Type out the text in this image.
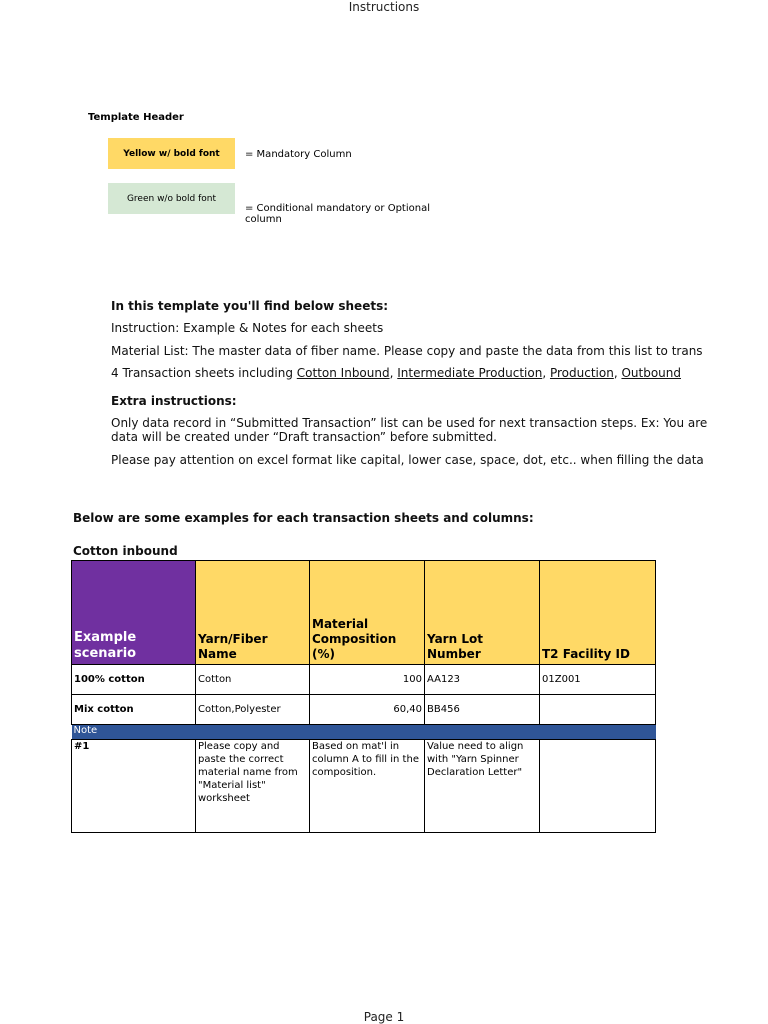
Instructions
Template Header
Yellow w/ bold font	= Mandatory Column
Green w/o bold font
= Conditional mandatory or Optional column
In this template you'll find below sheets:
Instruction: Example & Notes for each sheets
Material List: The master data of fiber name. Please copy and paste the data from this list to trans
4 Transaction sheets including Cotton Inbound, Intermediate Production, Production, Outbound
Extra instructions:
Only data record in “Submitted Transaction” list can be used for next transaction steps. Ex: You are
data will be created under “Draft transaction” before submitted.
Please pay attention on excel format like capital, lower case, space, dot, etc.. when filling the data
Below are some examples for each transaction sheets and columns:
Cotton inbound
Example scenario	Yarn/Fiber Name	Material Composition (%)	Yarn Lot Number	T2 Facility ID
100% cotton	Cotton	100	AA123	01Z001
Mix cotton	Cotton,Polyester	60,40	BB456	
Note				
#1	Please copy and paste the correct material name from "Material list" worksheet	Based on mat'l in column A to fill in the composition.	Value need to align with "Yarn Spinner Declaration Letter"	
Page 1
